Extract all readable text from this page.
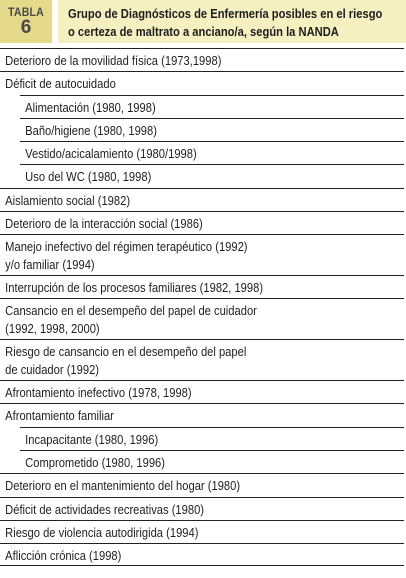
TABLA
6
Grupo de Diagnósticos de Enfermería posibles en el riesgo
o certeza de maltrato a anciano/a, según la NANDA
Deterioro de la movilidad física (1973,1998)
Déficit de autocuidado
Alimentación (1980, 1998)
Baño/higiene (1980, 1998)
Vestido/acicalamiento (1980/1998)
Uso del WC (1980, 1998)
Aislamiento social (1982)
Deterioro de la interacción social (1986)
Manejo inefectivo del régimen terapéutico (1992)
y/o familiar (1994)
Interrupción de los procesos familiares (1982, 1998)
Cansancio en el desempeño del papel de cuidador
(1992, 1998, 2000)
Riesgo de cansancio en el desempeño del papel
de cuidador (1992)
Afrontamiento inefectivo (1978, 1998)
Afrontamiento familiar
Incapacitante (1980, 1996)
Comprometido (1980, 1996)
Deterioro en el mantenimiento del hogar (1980)
Déficit de actividades recreativas (1980)
Riesgo de violencia autodirigida (1994)
Aflicción crónica (1998)
